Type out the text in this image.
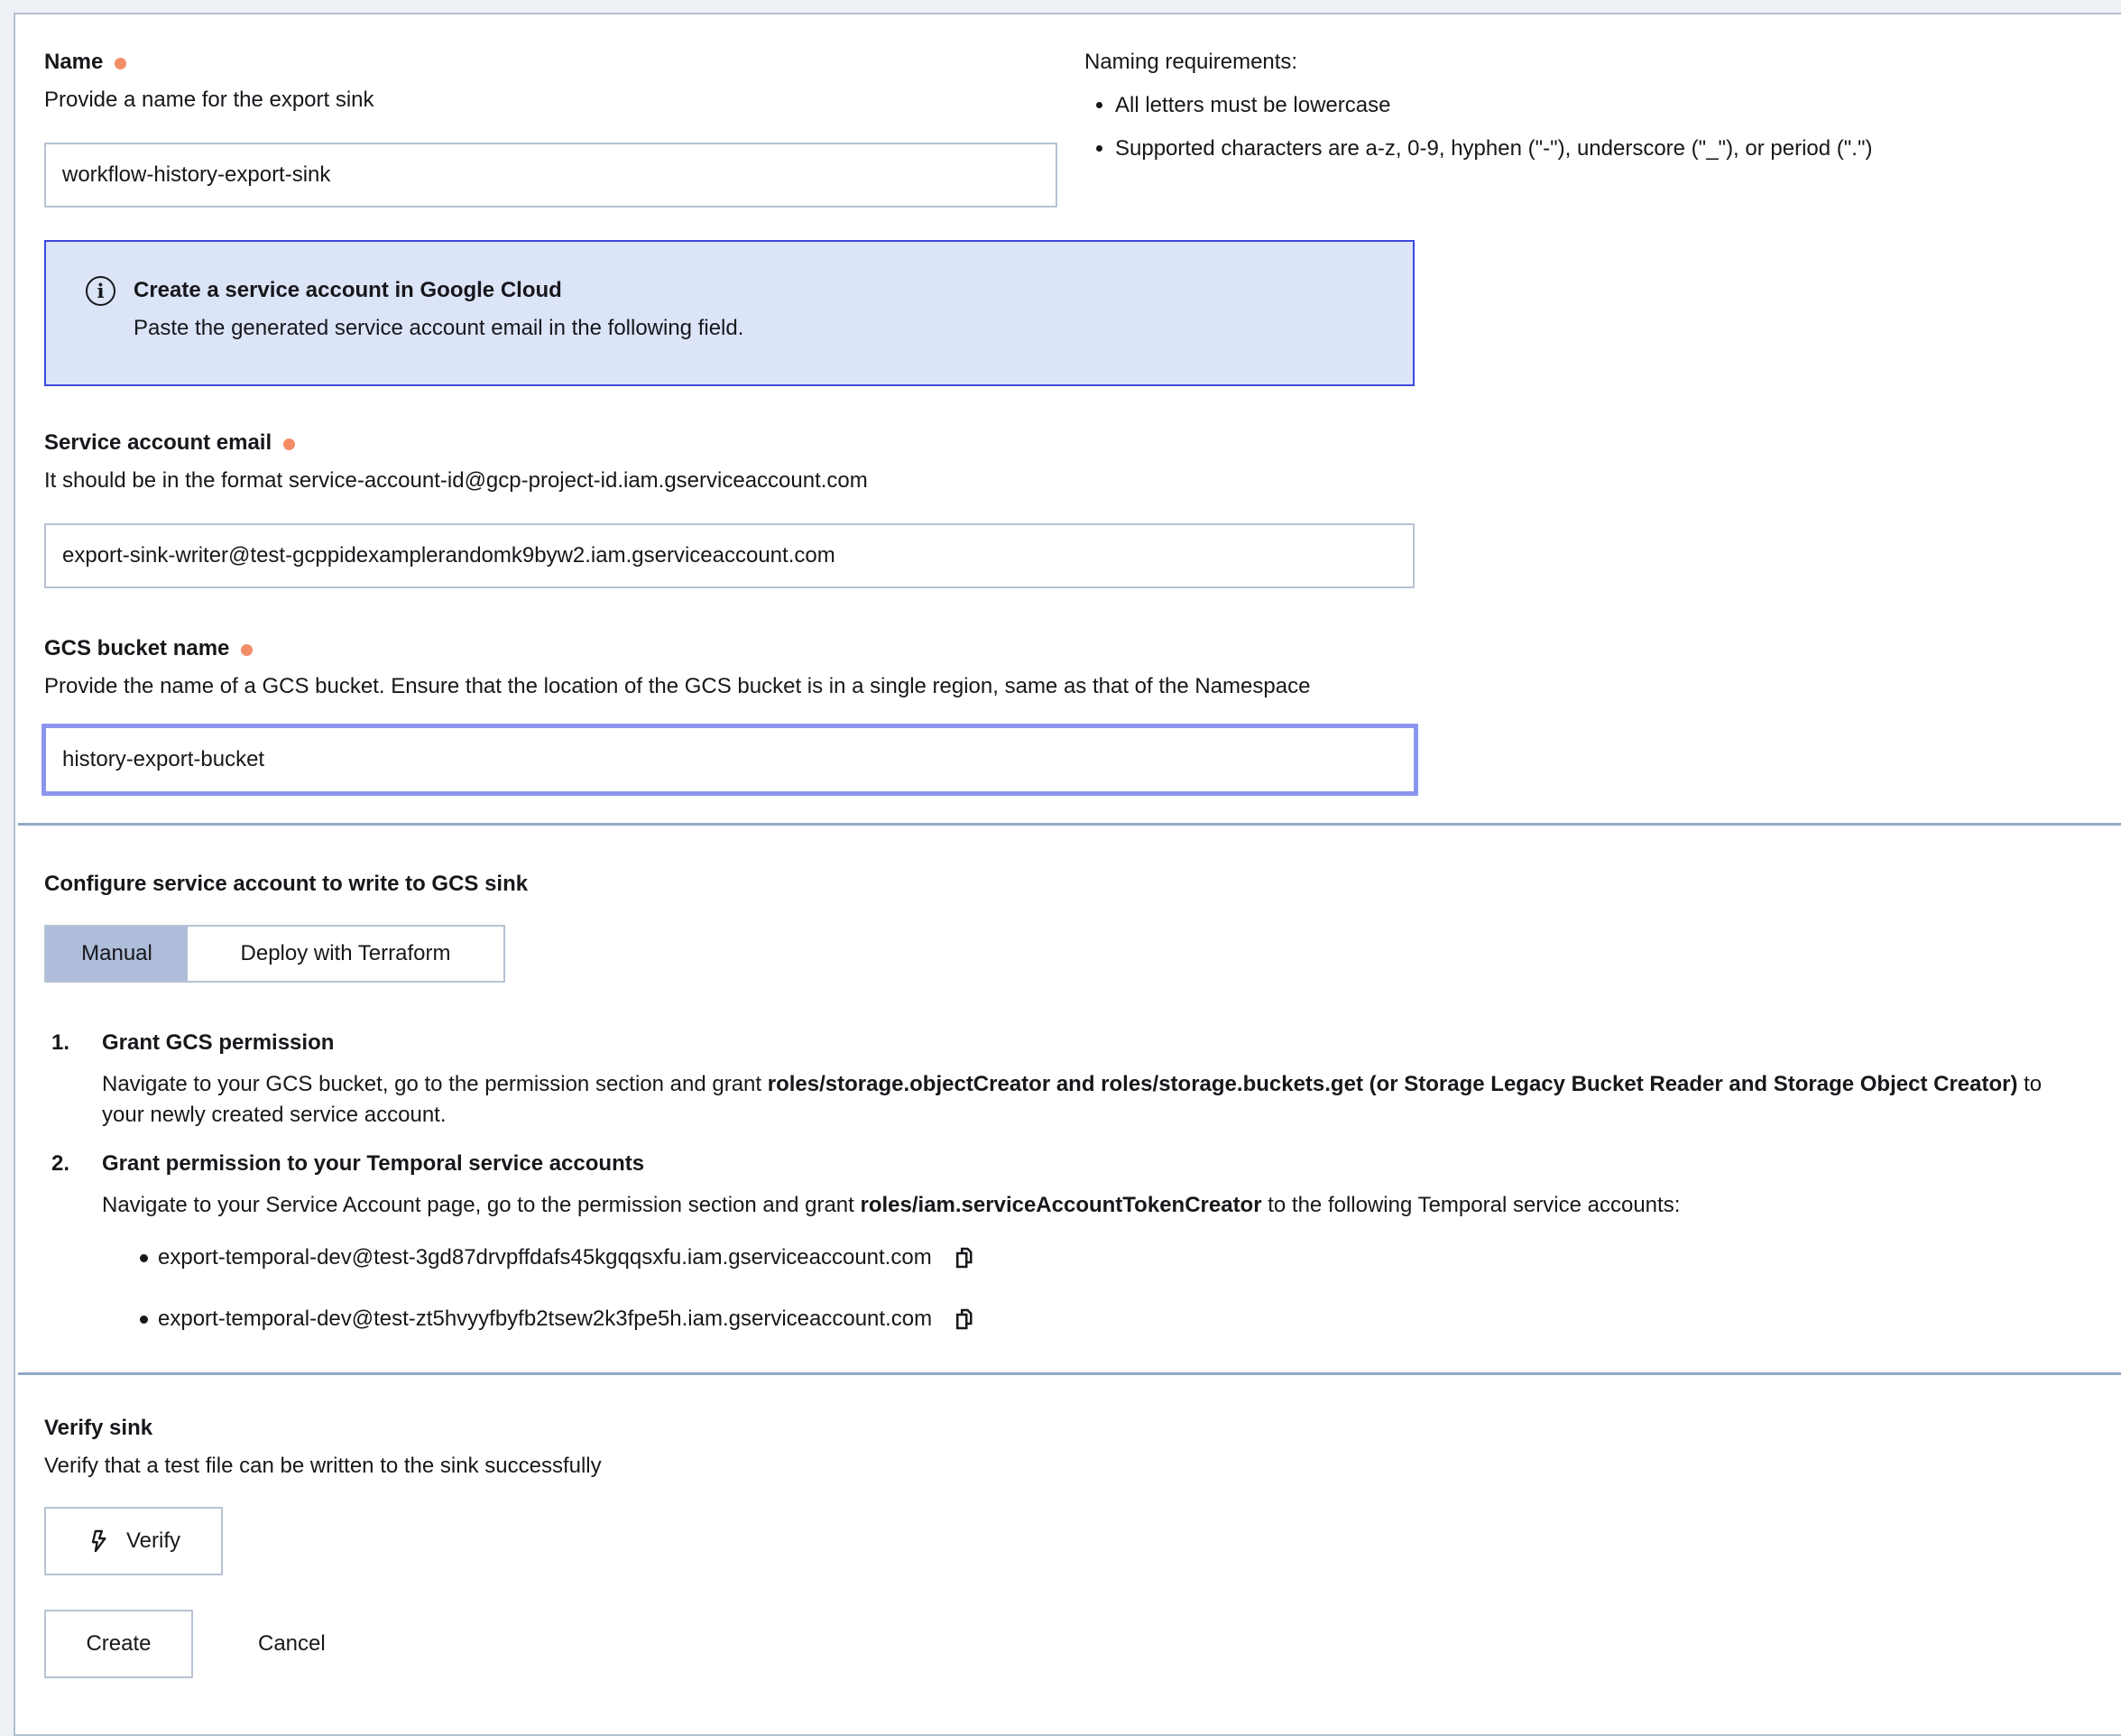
Name
Provide a name for the export sink
workflow-history-export-sink
Naming requirements:
• All letters must be lowercase
• Supported characters are a-z, 0-9, hyphen ("-"), underscore ("_"), or period (".")
i	Create a service account in Google Cloud
Paste the generated service account email in the following field.
Service account email
It should be in the format service-account-id@gcp-project-id.iam.gserviceaccount.com
export-sink-writer@test-gcppidexamplerandomk9byw2.iam.gserviceaccount.com
GCS bucket name
Provide the name of a GCS bucket. Ensure that the location of the GCS bucket is in a single region, same as that of the Namespace
history-export-bucket
Configure service account to write to GCS sink
Manual	Deploy with Terraform
1. Grant GCS permission
Navigate to your GCS bucket, go to the permission section and grant roles/storage.objectCreator and roles/storage.buckets.get (or Storage Legacy Bucket Reader and Storage Object Creator) to your newly created service account.
2. Grant permission to your Temporal service accounts
Navigate to your Service Account page, go to the permission section and grant roles/iam.serviceAccountTokenCreator to the following Temporal service accounts:
export-temporal-dev@test-3gd87drvpffdafs45kgqqsxfu.iam.gserviceaccount.com
export-temporal-dev@test-zt5hvyyfbyfb2tsew2k3fpe5h.iam.gserviceaccount.com
Verify sink
Verify that a test file can be written to the sink successfully
Verify
Create	Cancel
